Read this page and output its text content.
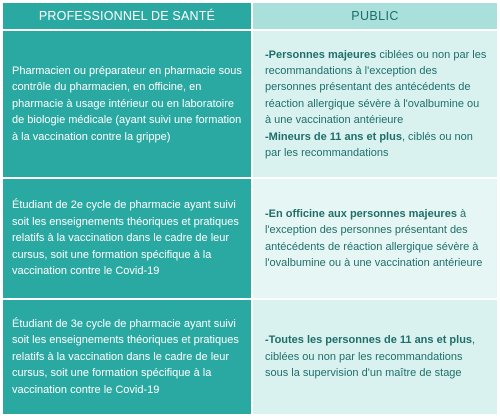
PROFESSIONNEL DE SANTÉ	PUBLIC

Pharmacien ou préparateur en pharmacie sous contrôle du pharmacien, en officine, en pharmacie à usage intérieur ou en laboratoire de biologie médicale (ayant suivi une formation à la vaccination contre la grippe)

-Personnes majeures ciblées ou non par les recommandations à l'exception des personnes présentant des antécédents de réaction allergique sévère à l'ovalbumine ou à une vaccination antérieure
-Mineurs de 11 ans et plus, ciblés ou non par les recommandations

Étudiant de 2e cycle de pharmacie ayant suivi soit les enseignements théoriques et pratiques relatifs à la vaccination dans le cadre de leur cursus, soit une formation spécifique à la vaccination contre le Covid-19

-En officine aux personnes majeures à l'exception des personnes présentant des antécédents de réaction allergique sévère à l'ovalbumine ou à une vaccination antérieure

Étudiant de 3e cycle de pharmacie ayant suivi soit les enseignements théoriques et pratiques relatifs à la vaccination dans le cadre de leur cursus, soit une formation spécifique à la vaccination contre le Covid-19

-Toutes les personnes de 11 ans et plus, ciblées ou non par les recommandations sous la supervision d'un maître de stage
